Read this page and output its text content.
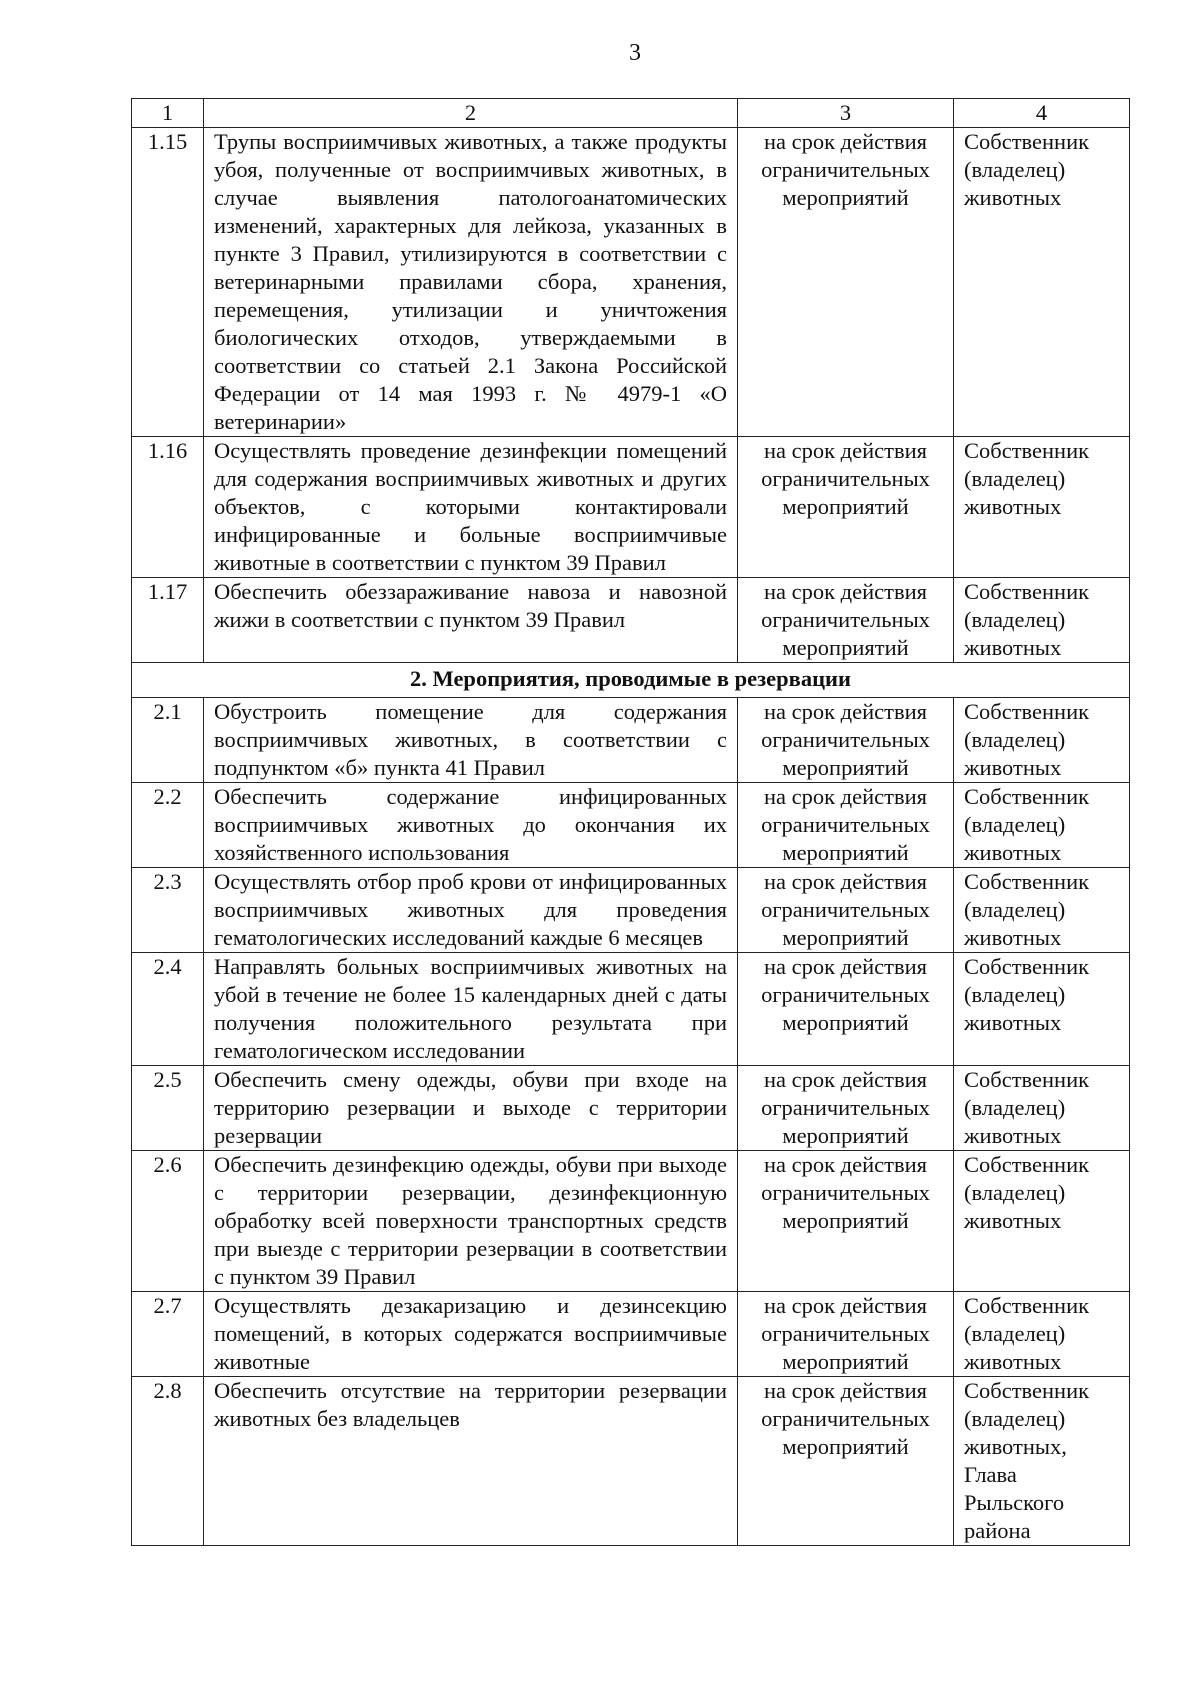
3
1	2	3	4
1.15	Трупы восприимчивых животных, а также продукты убоя, полученные от восприимчивых животных, в случае выявления патологоанатомических изменений, характерных для лейкоза, указанных в пункте 3 Правил, утилизируются в соответствии с ветеринарными правилами сбора, хранения, перемещения, утилизации и уничтожения биологических отходов, утверждаемыми в соответствии со статьей 2.1 Закона Российской Федерации от 14 мая 1993 г. № 4979-1 «О ветеринарии»	на срок действия ограничительных мероприятий	Собственник (владелец) животных
1.16	Осуществлять проведение дезинфекции помещений для содержания восприимчивых животных и других объектов, с которыми контактировали инфицированные и больные восприимчивые животные в соответствии с пунктом 39 Правил	на срок действия ограничительных мероприятий	Собственник (владелец) животных
1.17	Обеспечить обеззараживание навоза и навозной жижи в соответствии с пунктом 39 Правил	на срок действия ограничительных мероприятий	Собственник (владелец) животных
2. Мероприятия, проводимые в резервации			
2.1	Обустроить помещение для содержания восприимчивых животных, в соответствии с подпунктом «б» пункта 41 Правил	на срок действия ограничительных мероприятий	Собственник (владелец) животных
2.2	Обеспечить содержание инфицированных восприимчивых животных до окончания их хозяйственного использования	на срок действия ограничительных мероприятий	Собственник (владелец) животных
2.3	Осуществлять отбор проб крови от инфицированных восприимчивых животных для проведения гематологических исследований каждые 6 месяцев	на срок действия ограничительных мероприятий	Собственник (владелец) животных
2.4	Направлять больных восприимчивых животных на убой в течение не более 15 календарных дней с даты получения положительного результата при гематологическом исследовании	на срок действия ограничительных мероприятий	Собственник (владелец) животных
2.5	Обеспечить смену одежды, обуви при входе на территорию резервации и выходе с территории резервации	на срок действия ограничительных мероприятий	Собственник (владелец) животных
2.6	Обеспечить дезинфекцию одежды, обуви при выходе с территории резервации, дезинфекционную обработку всей поверхности транспортных средств при выезде с территории резервации в соответствии с пунктом 39 Правил	на срок действия ограничительных мероприятий	Собственник (владелец) животных
2.7	Осуществлять дезакаризацию и дезинсекцию помещений, в которых содержатся восприимчивые животные	на срок действия ограничительных мероприятий	Собственник (владелец) животных
2.8	Обеспечить отсутствие на территории резервации животных без владельцев	на срок действия ограничительных мероприятий	Собственник (владелец) животных, Глава Рыльского района
